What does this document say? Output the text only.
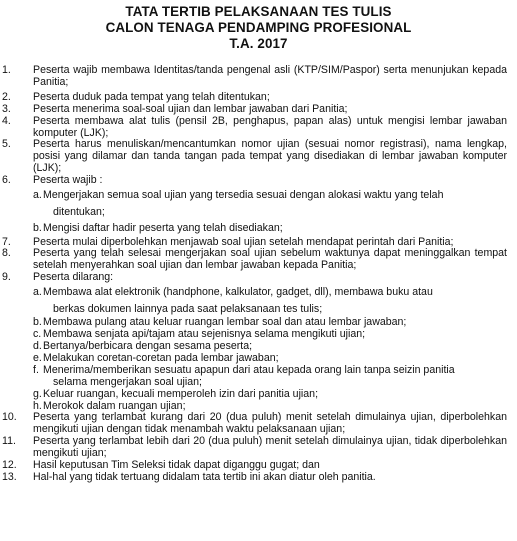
TATA TERTIB PELAKSANAAN TES TULIS
CALON TENAGA PENDAMPING PROFESIONAL
T.A. 2017
1.	Peserta wajib membawa Identitas/tanda pengenal asli (KTP/SIM/Paspor) serta menunjukan kepada Panitia;
2.	Peserta duduk pada tempat yang telah ditentukan;
3.	Peserta menerima soal-soal ujian dan lembar jawaban dari Panitia;
4.	Peserta membawa alat tulis (pensil 2B, penghapus, papan alas) untuk mengisi lembar jawaban komputer (LJK);
5.	Peserta harus menuliskan/mencantumkan nomor ujian (sesuai nomor registrasi), nama lengkap, posisi yang dilamar dan tanda tangan pada tempat yang disediakan di lembar jawaban komputer (LJK);
6.	Peserta wajib :
a. Mengerjakan semua soal ujian yang tersedia sesuai dengan alokasi waktu yang telah
ditentukan;
b. Mengisi daftar hadir peserta yang telah disediakan;
7.	Peserta mulai diperbolehkan menjawab soal ujian setelah mendapat perintah dari Panitia;
8.	Peserta yang telah selesai mengerjakan soal ujian sebelum waktunya dapat meninggalkan tempat setelah menyerahkan soal ujian dan lembar jawaban kepada Panitia;
9.	Peserta dilarang:
a. Membawa alat elektronik (handphone, kalkulator, gadget, dll), membawa buku atau
berkas dokumen lainnya pada saat pelaksanaan tes tulis;
b. Membawa pulang atau keluar ruangan lembar soal dan atau lembar jawaban;
c. Membawa senjata api/tajam atau sejenisnya selama mengikuti ujian;
d. Bertanya/berbicara dengan sesama peserta;
e. Melakukan coretan-coretan pada lembar jawaban;
f. Menerima/memberikan sesuatu apapun dari atau kepada orang lain tanpa seizin panitia
selama mengerjakan soal ujian;
g. Keluar ruangan, kecuali memperoleh izin dari panitia ujian;
h. Merokok dalam ruangan ujian;
10.	Peserta yang terlambat kurang dari 20 (dua puluh) menit setelah dimulainya ujian, diperbolehkan mengikuti ujian dengan tidak menambah waktu pelaksanaan ujian;
11.	Peserta yang terlambat lebih dari 20 (dua puluh) menit setelah dimulainya ujian, tidak diperbolehkan mengikuti ujian;
12.	Hasil keputusan Tim Seleksi tidak dapat diganggu gugat; dan
13.	Hal-hal yang tidak tertuang didalam tata tertib ini akan diatur oleh panitia.
